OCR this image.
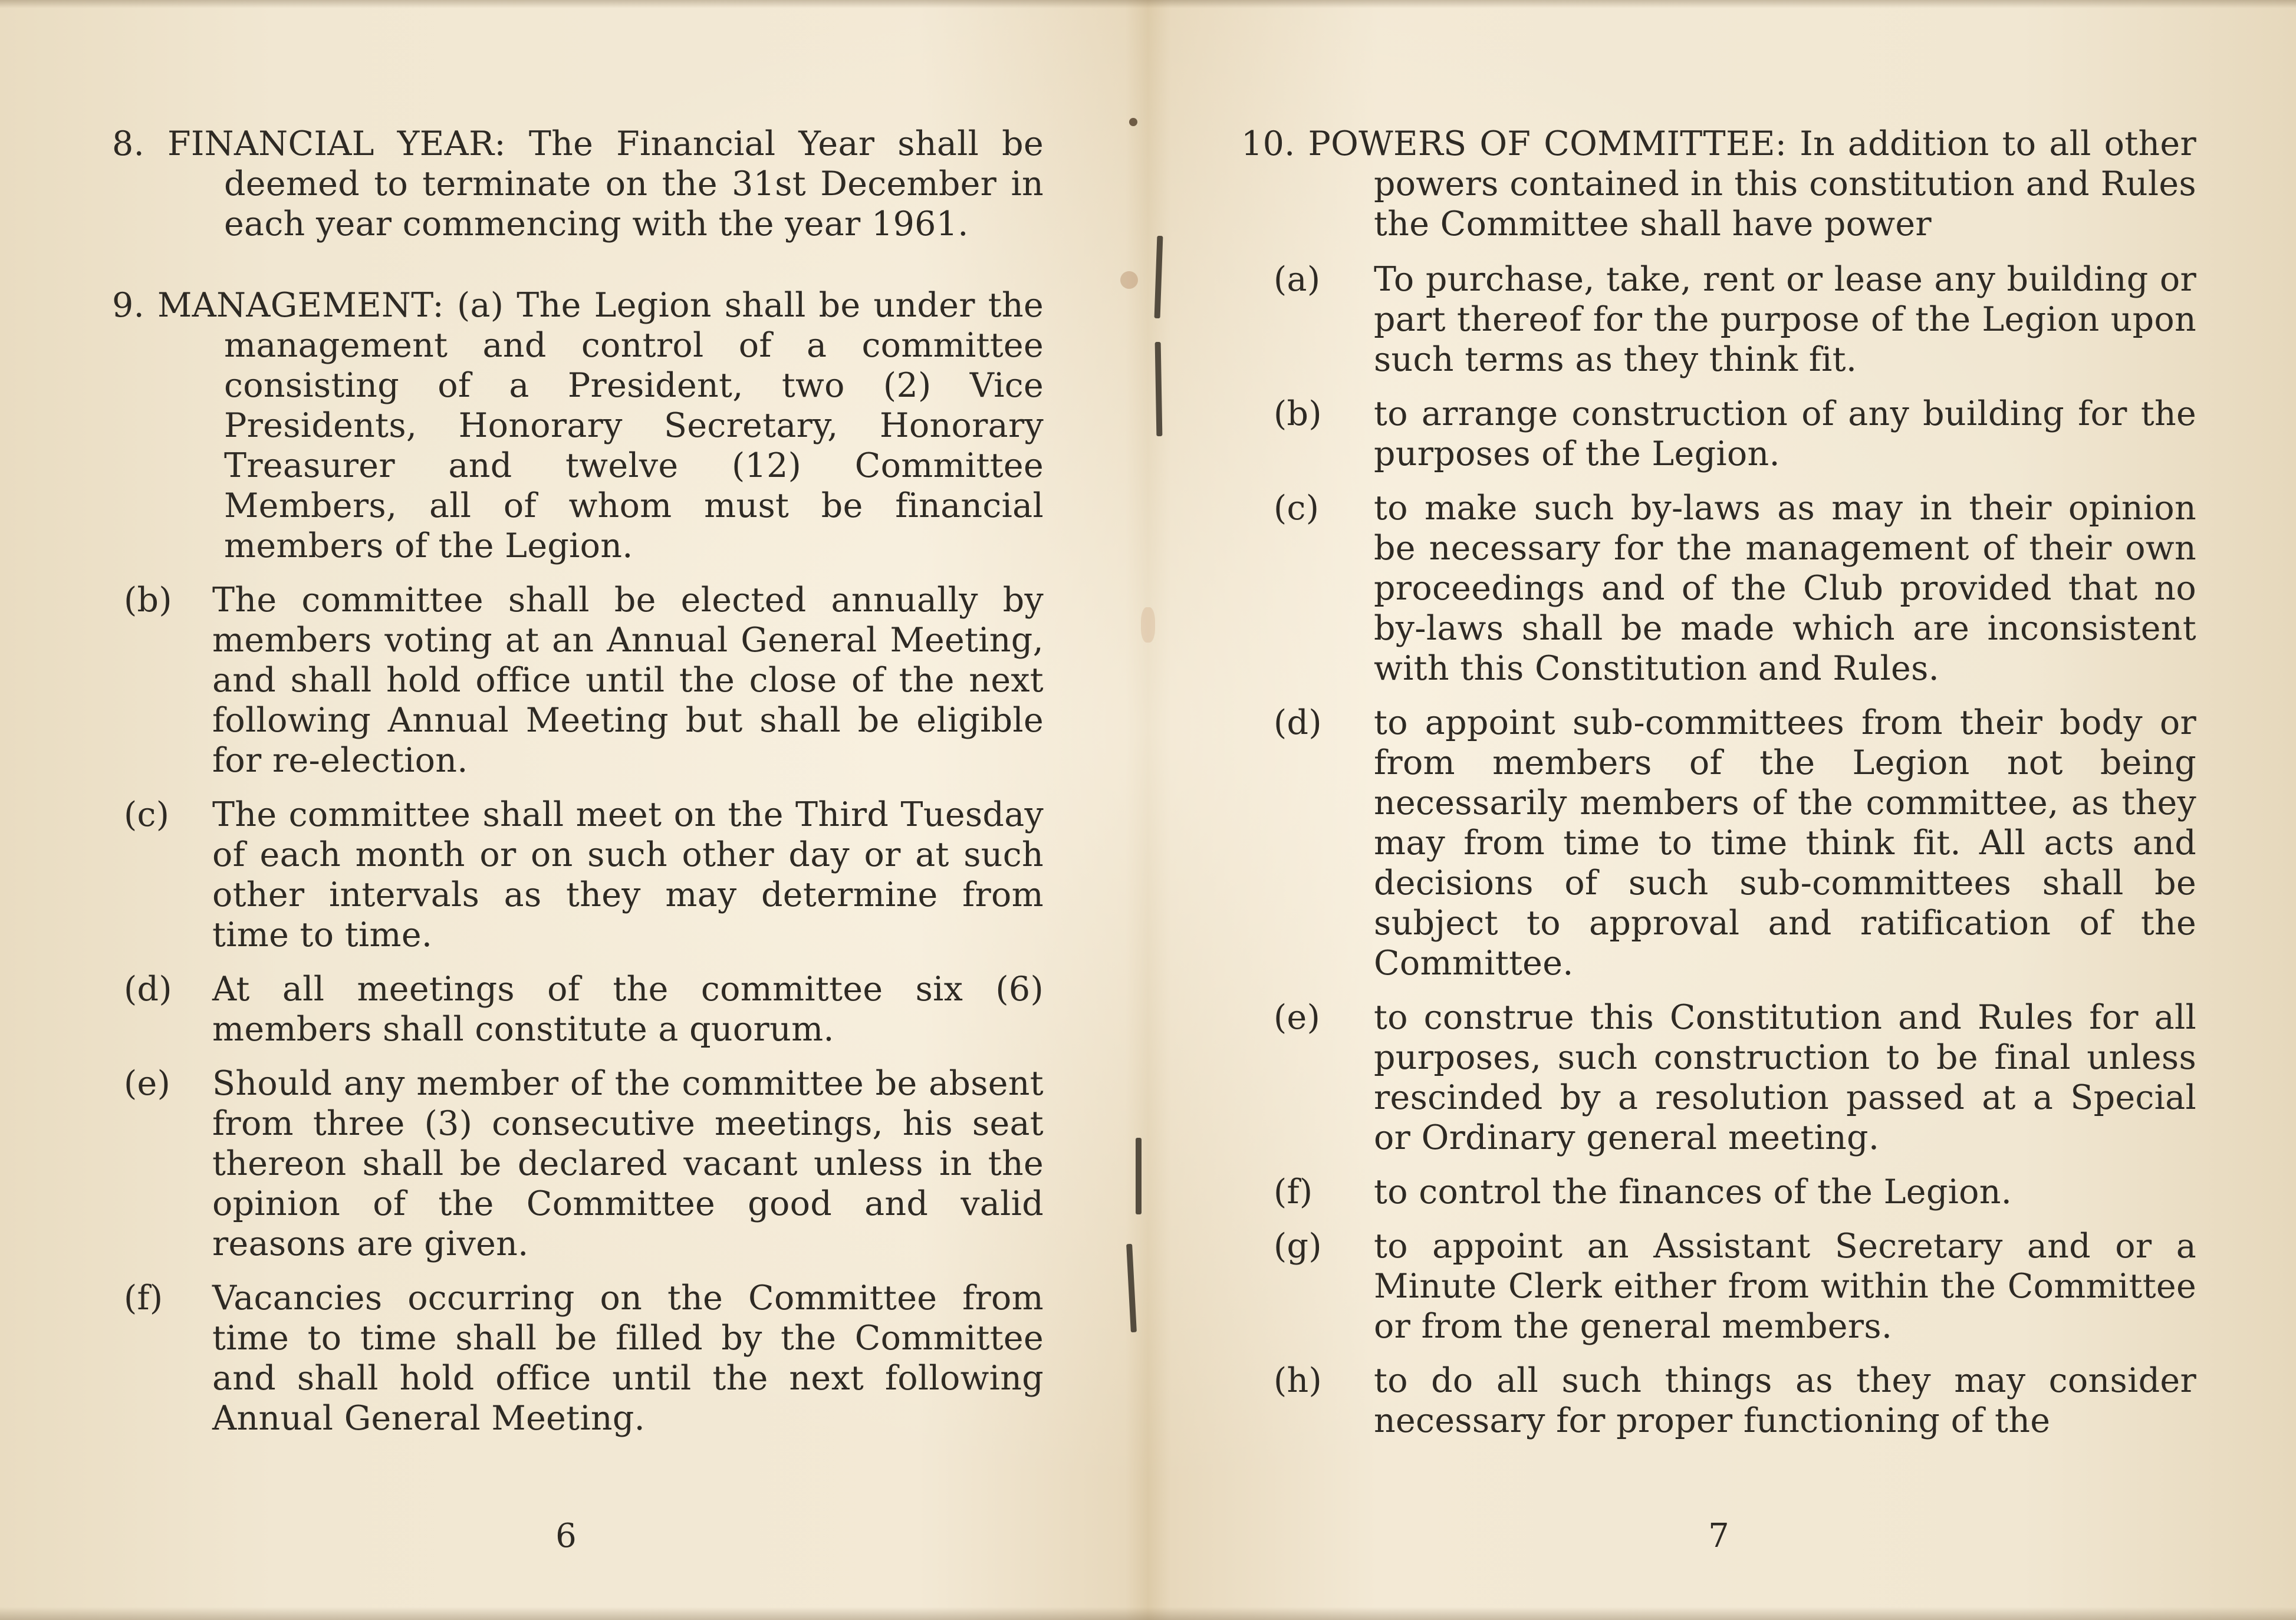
8. FINANCIAL YEAR: The Financial Year shall be deemed to terminate on the 31st December in each year commencing with the year 1961.

9. MANAGEMENT: (a) The Legion shall be under the management and control of a committee consisting of a President, two (2) Vice Presidents, Honorary Secretary, Honorary Treasurer and twelve (12) Committee Members, all of whom must be financial members of the Legion.

(b)	The committee shall be elected annually by members voting at an Annual General Meeting, and shall hold office until the close of the next following Annual Meeting but shall be eligible for re-election.
(c)	The committee shall meet on the Third Tuesday of each month or on such other day or at such other intervals as they may determine from time to time.
(d)	At all meetings of the committee six (6) members shall constitute a quorum.
(e)	Should any member of the committee be absent from three (3) consecutive meetings, his seat thereon shall be declared vacant unless in the opinion of the Committee good and valid reasons are given.
(f)	Vacancies occurring on the Committee from time to time shall be filled by the Committee and shall hold office until the next following Annual General Meeting.
6

10. POWERS OF COMMITTEE: In addition to all other powers contained in this constitution and Rules the Committee shall have power

(a)	To purchase, take, rent or lease any building or part thereof for the purpose of the Legion upon such terms as they think fit.
(b)	to arrange construction of any building for the purposes of the Legion.
(c)	to make such by-laws as may in their opinion be necessary for the management of their own proceedings and of the Club provided that no by-laws shall be made which are inconsistent with this Constitution and Rules.
(d)	to appoint sub-committees from their body or from members of the Legion not being necessarily members of the committee, as they may from time to time think fit. All acts and decisions of such sub-committees shall be subject to approval and ratification of the Committee.
(e)	to construe this Constitution and Rules for all purposes, such construction to be final unless rescinded by a resolution passed at a Special or Ordinary general meeting.
(f)	to control the finances of the Legion.
(g)	to appoint an Assistant Secretary and or a Minute Clerk either from within the Committee or from the general members.
(h)	to do all such things as they may consider necessary for proper functioning of the
7
